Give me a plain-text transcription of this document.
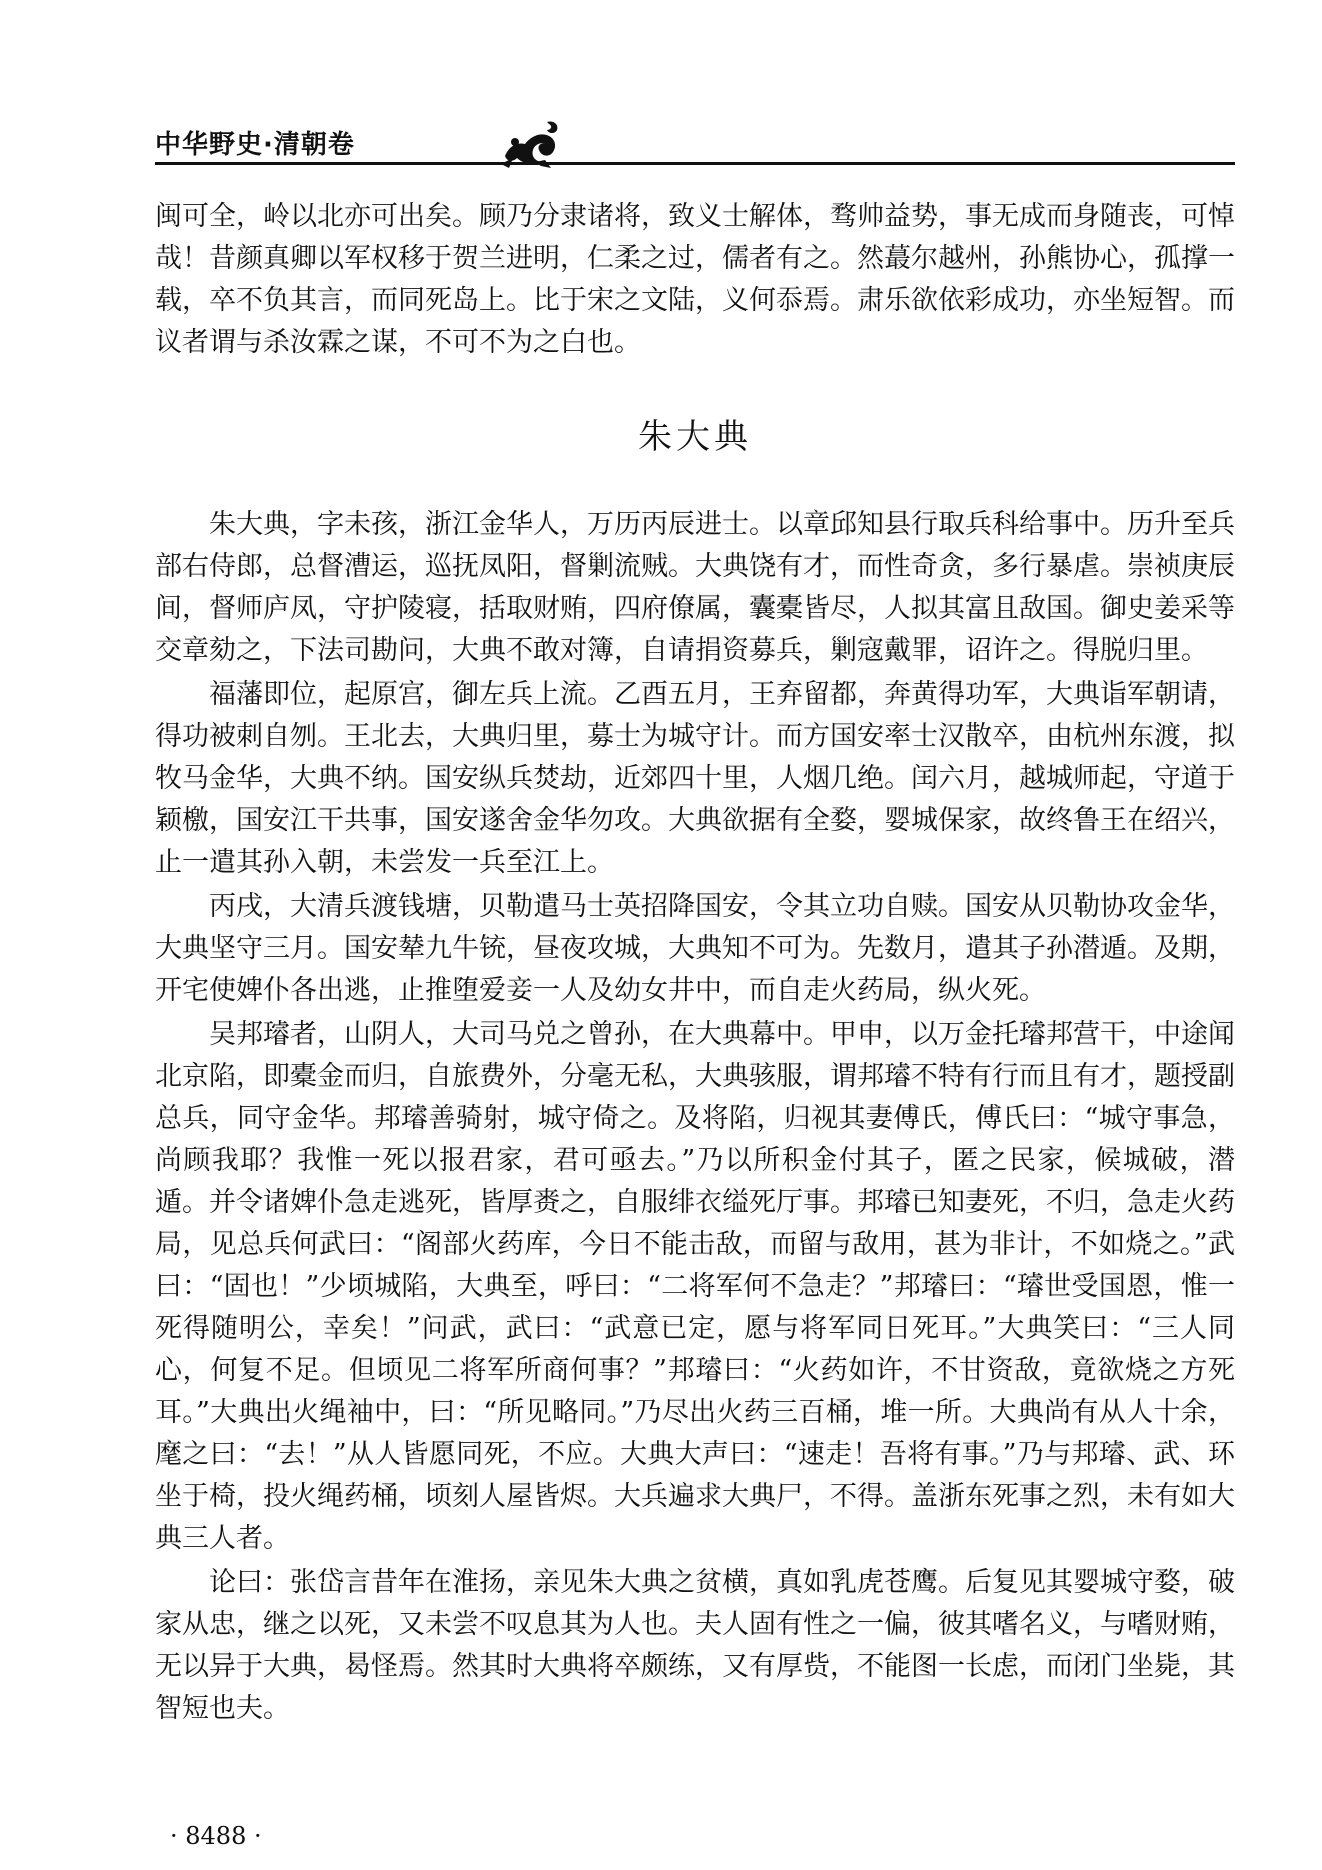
中华野史·清朝卷

闽可全，岭以北亦可出矣。顾乃分隶诸将，致义士解体，骛帅益势，事无成而身随丧，可悼哉！昔颜真卿以军权移于贺兰进明，仁柔之过，儒者有之。然蕞尔越州，孙熊协心，孤撑一载，卒不负其言，而同死岛上。比于宋之文陆，义何忝焉。肃乐欲依彩成功，亦坐短智。而议者谓与杀汝霖之谋，不可不为之白也。

朱大典

朱大典，字未孩，浙江金华人，万历丙辰进士。以章邱知县行取兵科给事中。历升至兵部右侍郎，总督漕运，巡抚凤阳，督剿流贼。大典饶有才，而性奇贪，多行暴虐。崇祯庚辰间，督师庐凤，守护陵寝，括取财贿，四府僚属，囊橐皆尽，人拟其富且敌国。御史姜采等交章劾之，下法司勘问，大典不敢对簿，自请捐资募兵，剿寇戴罪，诏许之。得脱归里。

福藩即位，起原宫，御左兵上流。乙酉五月，王弃留都，奔黄得功军，大典诣军朝请，得功被刺自刎。王北去，大典归里，募士为城守计。而方国安率士汉散卒，由杭州东渡，拟牧马金华，大典不纳。国安纵兵焚劫，近郊四十里，人烟几绝。闰六月，越城师起，守道于颖檄，国安江干共事，国安遂舍金华勿攻。大典欲据有全婺，婴城保家，故终鲁王在绍兴，止一遣其孙入朝，未尝发一兵至江上。

丙戌，大清兵渡钱塘，贝勒遣马士英招降国安，令其立功自赎。国安从贝勒协攻金华，大典坚守三月。国安辇九牛铳，昼夜攻城，大典知不可为。先数月，遣其子孙潜遁。及期，开宅使婢仆各出逃，止推堕爱妾一人及幼女井中，而自走火药局，纵火死。

吴邦璿者，山阴人，大司马兑之曾孙，在大典幕中。甲申，以万金托璿邦营干，中途闻北京陷，即橐金而归，自旅费外，分毫无私，大典骇服，谓邦璿不特有行而且有才，题授副总兵，同守金华。邦璿善骑射，城守倚之。及将陷，归视其妻傅氏，傅氏曰：“城守事急，尚顾我耶？我惟一死以报君家，君可亟去。”乃以所积金付其子，匿之民家，候城破，潜遁。并令诸婢仆急走逃死，皆厚赉之，自服绯衣缢死厅事。邦璿已知妻死，不归，急走火药局，见总兵何武曰：“阁部火药库，今日不能击敌，而留与敌用，甚为非计，不如烧之。”武曰：“固也！”少顷城陷，大典至，呼曰：“二将军何不急走？”邦璿曰：“璿世受国恩，惟一死得随明公，幸矣！”问武，武曰：“武意已定，愿与将军同日死耳。”大典笑曰：“三人同心，何复不足。但顷见二将军所商何事？”邦璿曰：“火药如许，不甘资敌，竟欲烧之方死耳。”大典出火绳袖中，曰：“所见略同。”乃尽出火药三百桶，堆一所。大典尚有从人十余，麾之曰：“去！”从人皆愿同死，不应。大典大声曰：“速走！吾将有事。”乃与邦璿、武、环坐于椅，投火绳药桶，顷刻人屋皆烬。大兵遍求大典尸，不得。盖浙东死事之烈，未有如大典三人者。

论曰：张岱言昔年在淮扬，亲见朱大典之贫横，真如乳虎苍鹰。后复见其婴城守婺，破家从忠，继之以死，又未尝不叹息其为人也。夫人固有性之一偏，彼其嗜名义，与嗜财贿，无以异于大典，曷怪焉。然其时大典将卒颇练，又有厚赀，不能图一长虑，而闭门坐毙，其智短也夫。

· 8488 ·
